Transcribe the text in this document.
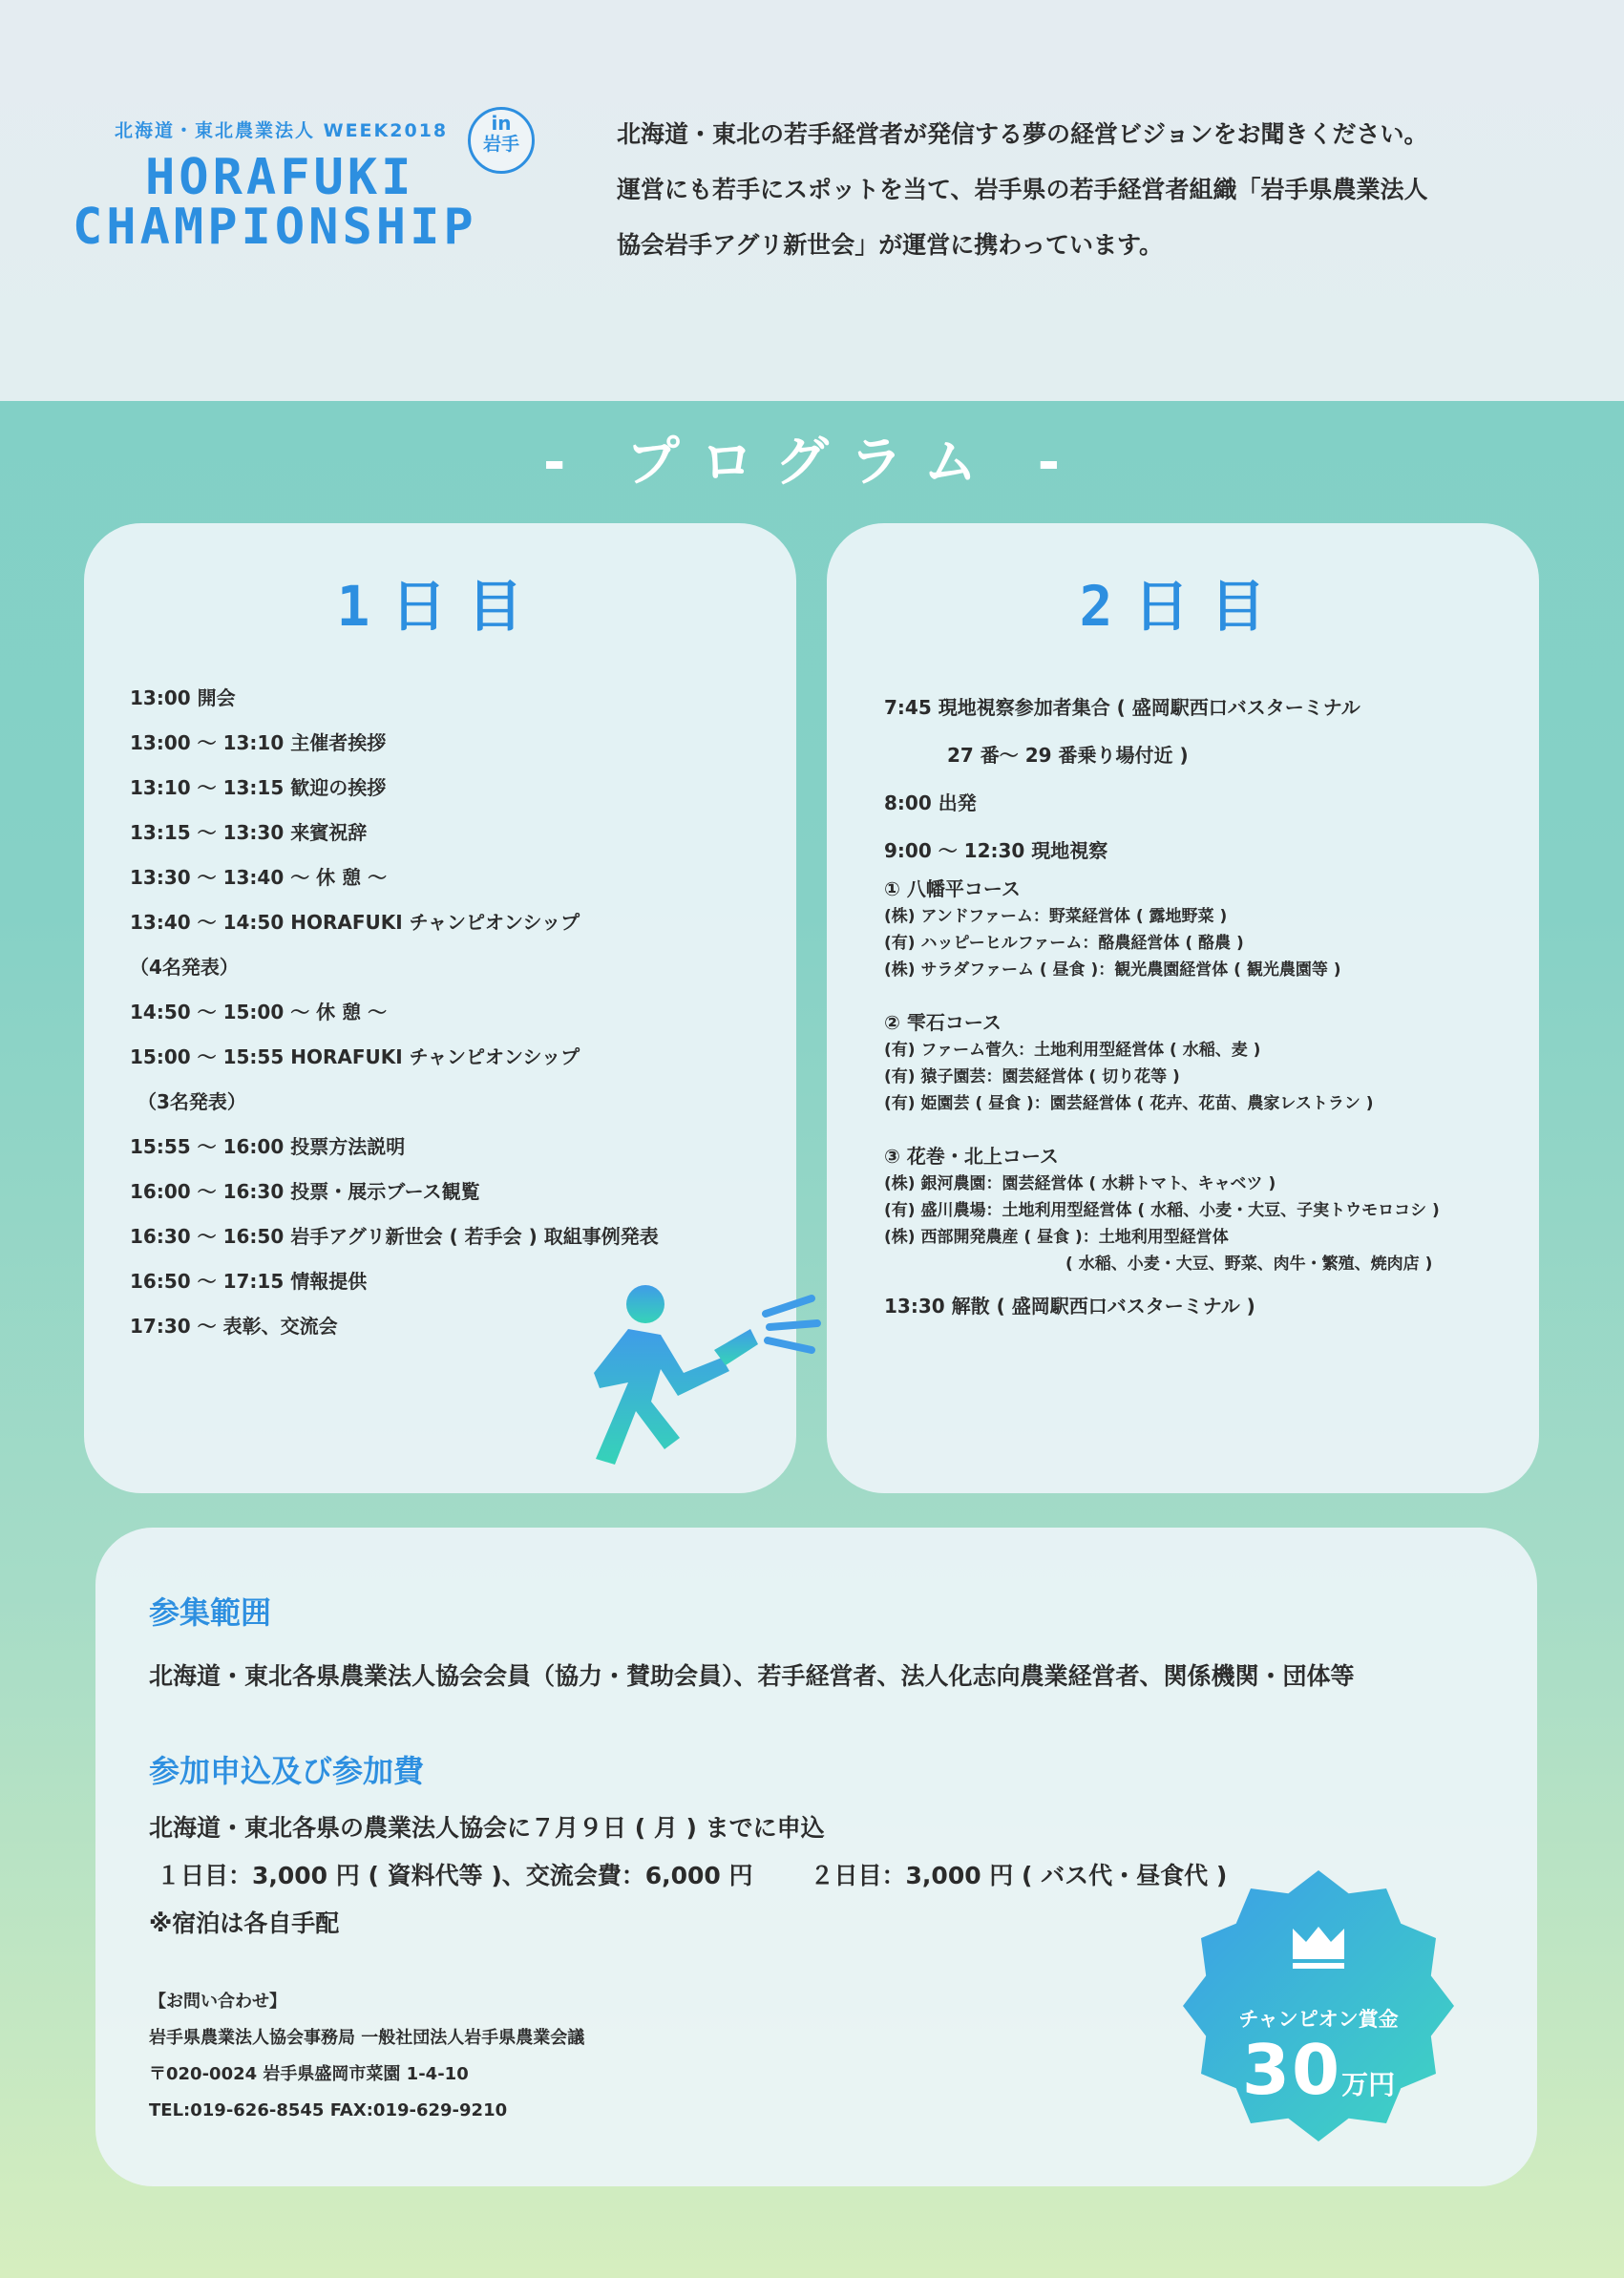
北海道・東北農業法人 WEEK2018	in
岩手
HORAFUKI
CHAMPIONSHIP

北海道・東北の若手経営者が発信する夢の経営ビジョンをお聞きください。

運営にも若手にスポットを当て、岩手県の若手経営者組織「岩手県農業法人

協会岩手アグリ新世会」が運営に携わっています。

- プログラム -
1日目
13:00 開会
13:00 ～ 13:10 主催者挨拶
13:10 ～ 13:15 歓迎の挨拶
13:15 ～ 13:30 来賓祝辞
13:30 ～ 13:40 ～ 休 憩 ～
13:40 ～ 14:50 HORAFUKI チャンピオンシップ
（4名発表）
14:50 ～ 15:00 ～ 休 憩 ～
15:00 ～ 15:55 HORAFUKI チャンピオンシップ
（3名発表）
15:55 ～ 16:00 投票方法説明
16:00 ～ 16:30 投票・展示ブース観覧
16:30 ～ 16:50 岩手アグリ新世会 ( 若手会 ) 取組事例発表
16:50 ～ 17:15 情報提供
17:30 ～ 表彰、交流会
2日目
7:45 現地視察参加者集合 ( 盛岡駅西口バスターミナル
27 番～ 29 番乗り場付近 )
8:00 出発
9:00 ～ 12:30 現地視察
① 八幡平コース
(株) アンドファーム：野菜経営体 ( 露地野菜 )
(有) ハッピーヒルファーム：酪農経営体 ( 酪農 )
(株) サラダファーム ( 昼食 )：観光農園経営体 ( 観光農園等 )
② 雫石コース
(有) ファーム菅久：土地利用型経営体 ( 水稲、麦 )
(有) 猿子園芸：園芸経営体 ( 切り花等 )
(有) 姫園芸 ( 昼食 )：園芸経営体 ( 花卉、花苗、農家レストラン )
③ 花巻・北上コース
(株) 銀河農園：園芸経営体 ( 水耕トマト、キャベツ )
(有) 盛川農場：土地利用型経営体 ( 水稲、小麦・大豆、子実トウモロコシ )
(株) 西部開発農産 ( 昼食 )：土地利用型経営体
( 水稲、小麦・大豆、野菜、肉牛・繁殖、焼肉店 )
13:30 解散 ( 盛岡駅西口バスターミナル )
参集範囲
北海道・東北各県農業法人協会会員（協力・賛助会員）、若手経営者、法人化志向農業経営者、関係機関・団体等
参加申込及び参加費
北海道・東北各県の農業法人協会に７月９日 ( 月 ) までに申込
１日目：3,000 円 ( 資料代等 )、交流会費：6,000 円 ２日目：3,000 円 ( バス代・昼食代 )
※宿泊は各自手配
【お問い合わせ】
岩手県農業法人協会事務局 一般社団法人岩手県農業会議
〒020-0024 岩手県盛岡市菜園 1-4-10
TEL:019-626-8545 FAX:019-629-9210
チャンピオン賞金
30万円
